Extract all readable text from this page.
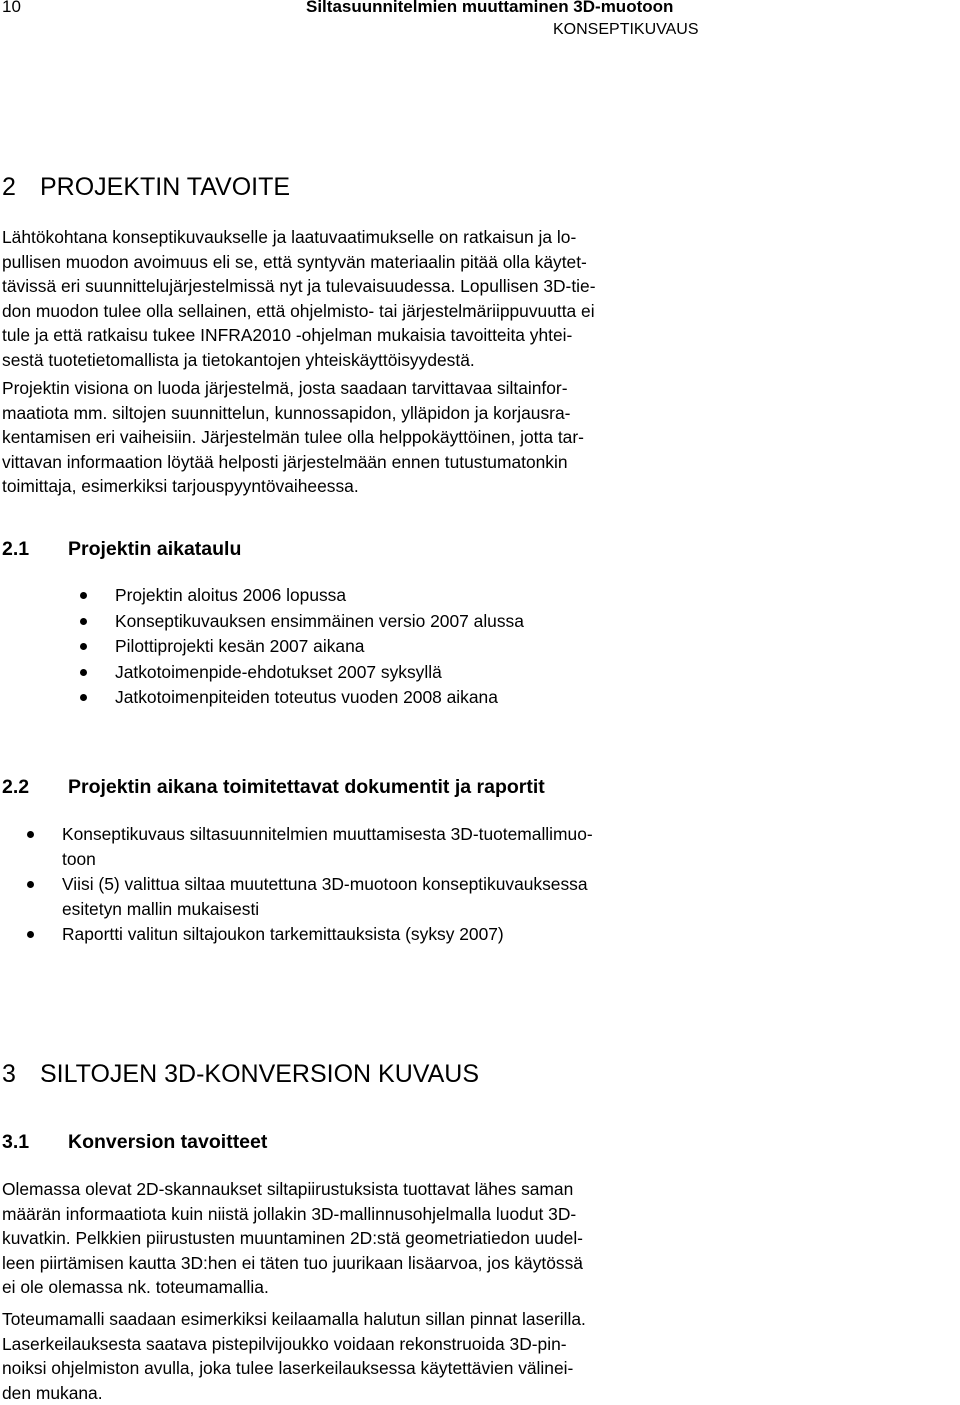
10	Siltasuunnitelmien muuttaminen 3D-muotoon
KONSEPTIKUVAUS
2 PROJEKTIN TAVOITE

Lähtökohtana konseptikuvaukselle ja laatuvaatimukselle on ratkaisun ja lo-
pullisen muodon avoimuus eli se, että syntyvän materiaalin pitää olla käytet-
tävissä eri suunnittelujärjestelmissä nyt ja tulevaisuudessa. Lopullisen 3D-tie-
don muodon tulee olla sellainen, että ohjelmisto- tai järjestelmäriippuvuutta ei
tule ja että ratkaisu tukee INFRA2010 -ohjelman mukaisia tavoitteita yhtei-
sestä tuotetietomallista ja tietokantojen yhteiskäyttöisyydestä.

Projektin visiona on luoda järjestelmä, josta saadaan tarvittavaa siltainfor-
maatiota mm. siltojen suunnittelun, kunnossapidon, ylläpidon ja korjausra-
kentamisen eri vaiheisiin. Järjestelmän tulee olla helppokäyttöinen, jotta tar-
vittavan informaation löytää helposti järjestelmään ennen tutustumatonkin
toimittaja, esimerkiksi tarjouspyyntövaiheessa.

2.1 Projektin aikataulu
Projektin aloitus 2006 lopussa
Konseptikuvauksen ensimmäinen versio 2007 alussa
Pilottiprojekti kesän 2007 aikana
Jatkotoimenpide-ehdotukset 2007 syksyllä
Jatkotoimenpiteiden toteutus vuoden 2008 aikana
2.2 Projektin aikana toimitettavat dokumentit ja raportit
Konseptikuvaus siltasuunnitelmien muuttamisesta 3D-tuotemallimuo-
toon
Viisi (5) valittua siltaa muutettuna 3D-muotoon konseptikuvauksessa
esitetyn mallin mukaisesti
Raportti valitun siltajoukon tarkemittauksista (syksy 2007)
3 SILTOJEN 3D-KONVERSION KUVAUS
3.1 Konversion tavoitteet

Olemassa olevat 2D-skannaukset siltapiirustuksista tuottavat lähes saman
määrän informaatiota kuin niistä jollakin 3D-mallinnusohjelmalla luodut 3D-
kuvatkin. Pelkkien piirustusten muuntaminen 2D:stä geometriatiedon uudel-
leen piirtämisen kautta 3D:hen ei täten tuo juurikaan lisäarvoa, jos käytössä
ei ole olemassa nk. toteumamallia.

Toteumamalli saadaan esimerkiksi keilaamalla halutun sillan pinnat laserilla.
Laserkeilauksesta saatava pistepilvijoukko voidaan rekonstruoida 3D-pin-
noiksi ohjelmiston avulla, joka tulee laserkeilauksessa käytettävien välinei-
den mukana.
